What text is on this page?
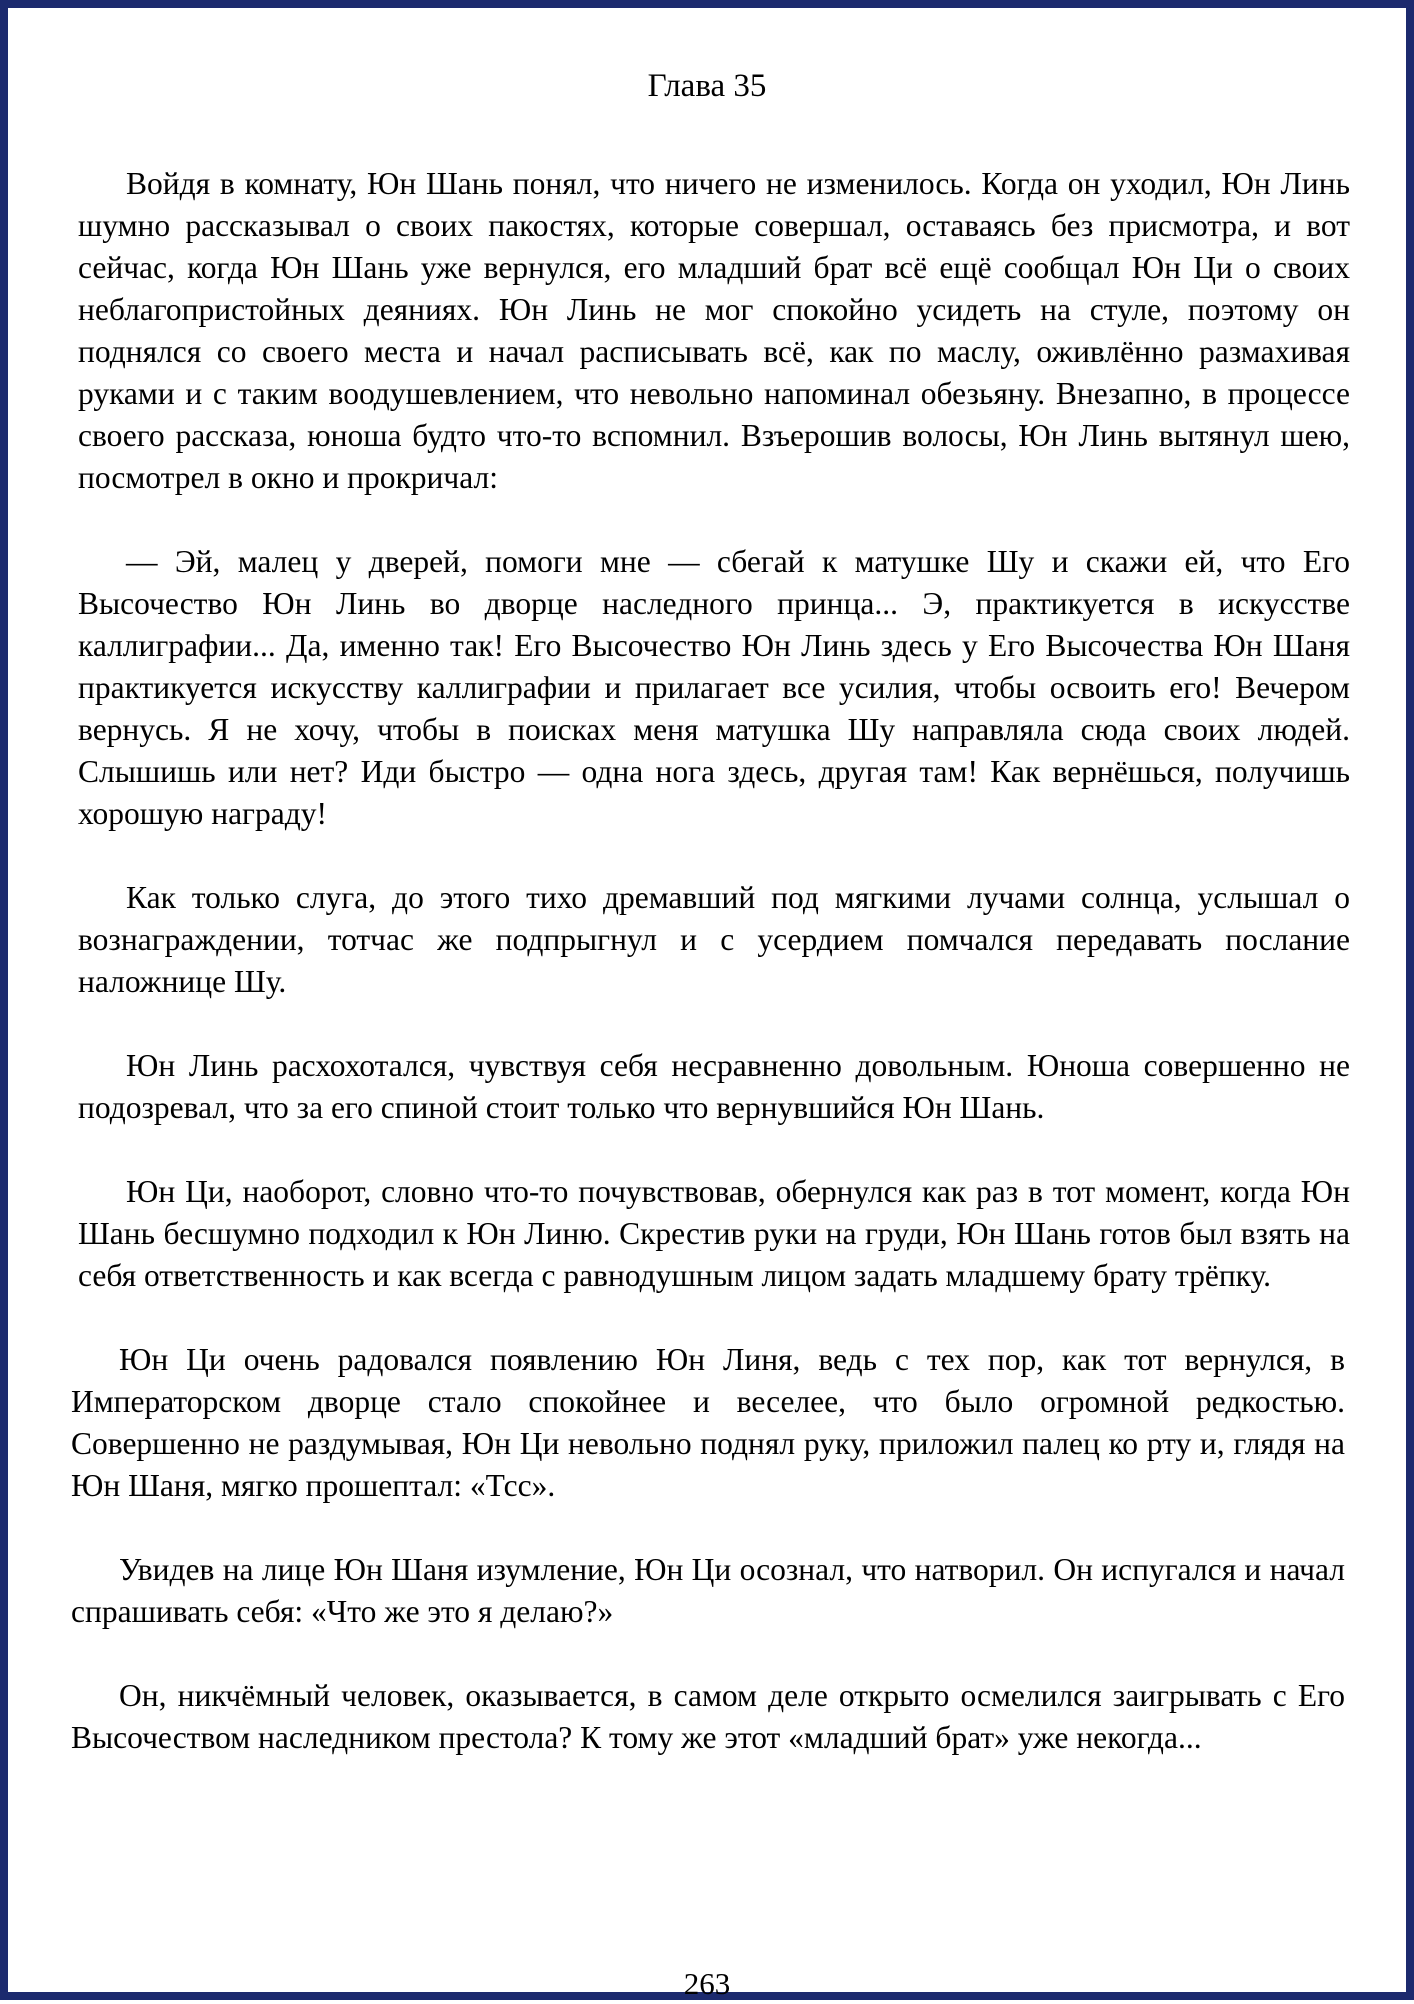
Глава 35

Войдя в комнату, Юн Шань понял, что ничего не изменилось. Когда он уходил, Юн Линь шумно рассказывал о своих пакостях, которые совершал, оставаясь без присмотра, и вот сейчас, когда Юн Шань уже вернулся, его младший брат всё ещё сообщал Юн Ци о своих неблагопристойных деяниях. Юн Линь не мог спокойно усидеть на стуле, поэтому он поднялся со своего места и начал расписывать всё, как по маслу, оживлённо размахивая руками и с таким воодушевлением, что невольно напоминал обезьяну. Внезапно, в процессе своего рассказа, юноша будто что-то вспомнил. Взъерошив волосы, Юн Линь вытянул шею, посмотрел в окно и прокричал:

— Эй, малец у дверей, помоги мне — сбегай к матушке Шу и скажи ей, что Его Высочество Юн Линь во дворце наследного принца... Э, практикуется в искусстве каллиграфии... Да, именно так! Его Высочество Юн Линь здесь у Его Высочества Юн Шаня практикуется искусству каллиграфии и прилагает все усилия, чтобы освоить его! Вечером вернусь. Я не хочу, чтобы в поисках меня матушка Шу направляла сюда своих людей. Слышишь или нет? Иди быстро — одна нога здесь, другая там! Как вернёшься, получишь хорошую награду!

Как только слуга, до этого тихо дремавший под мягкими лучами солнца, услышал о вознаграждении, тотчас же подпрыгнул и с усердием помчался передавать послание наложнице Шу.

Юн Линь расхохотался, чувствуя себя несравненно довольным. Юноша совершенно не подозревал, что за его спиной стоит только что вернувшийся Юн Шань.

Юн Ци, наоборот, словно что-то почувствовав, обернулся как раз в тот момент, когда Юн Шань бесшумно подходил к Юн Линю. Скрестив руки на груди, Юн Шань готов был взять на себя ответственность и как всегда с равнодушным лицом задать младшему брату трёпку.

Юн Ци очень радовался появлению Юн Линя, ведь с тех пор, как тот вернулся, в Императорском дворце стало спокойнее и веселее, что было огромной редкостью. Совершенно не раздумывая, Юн Ци невольно поднял руку, приложил палец ко рту и, глядя на Юн Шаня, мягко прошептал: «Тсс».

Увидев на лице Юн Шаня изумление, Юн Ци осознал, что натворил. Он испугался и начал спрашивать себя: «Что же это я делаю?»

Он, никчёмный человек, оказывается, в самом деле открыто осмелился заигрывать с Его Высочеством наследником престола? К тому же этот «младший брат» уже некогда...

263
